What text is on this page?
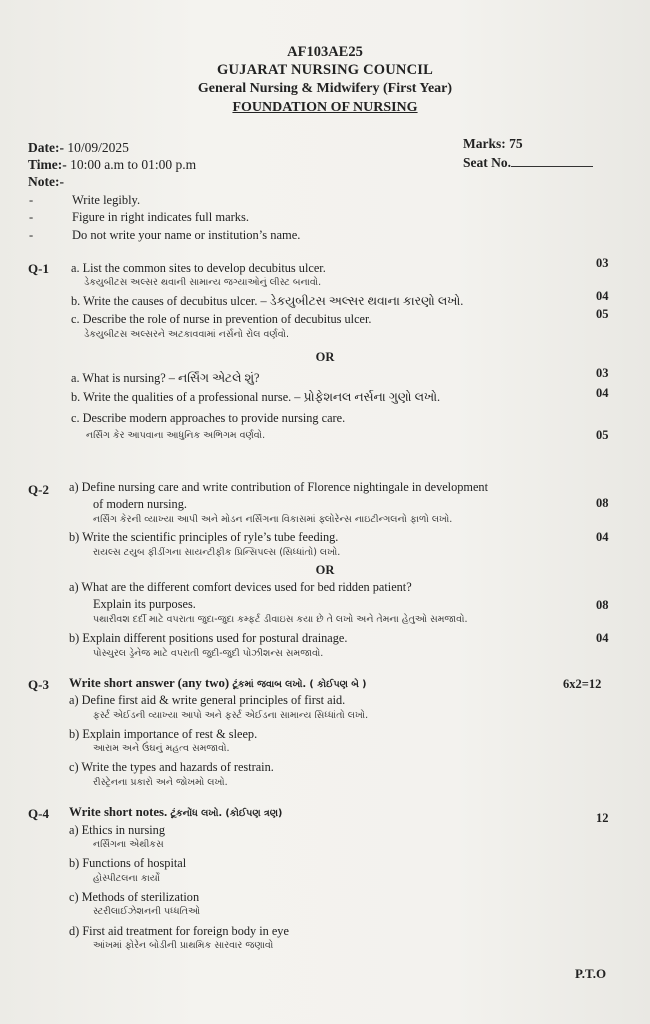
AF103AE25
GUJARAT NURSING COUNCIL
General Nursing & Midwifery (First Year)
FOUNDATION OF NURSING
Date:- 10/09/2025	Marks: 75
Time:- 10:00 a.m to 01:00 p.m	Seat No.
Note:-
-	Write legibly.
-	Figure in right indicates full marks.
-	Do not write your name or institution’s name.
Q-1 a. List the common sites to develop decubitus ulcer.
ડેકયુબીટસ અલ્સર થવાની સામાન્ય જગ્યાઓનું લીસ્ટ બનાવો.
03
b. Write the causes of decubitus ulcer. – ડેકયુબીટસ અલ્સર થવાના કારણો લખો.	04
c. Describe the role of nurse in prevention of decubitus ulcer.
ડેકયુબીટસ અલ્સરને અટકાવવામાં નર્સનો રોલ વર્ણવો.
05
OR
a. What is nursing? – નર્સિંગ એટલે શું?	03
b. Write the qualities of a professional nurse. – પ્રોફેશનલ નર્સના ગુણો લખો.	04
c. Describe modern approaches to provide nursing care.
નર્સિંગ કેર આપવાના આધુનિક અભિગમ વર્ણવો.	05
Q-2 a) Define nursing care and write contribution of Florence nightingale in development
of modern nursing.
નર્સિંગ કેરની વ્યાખ્યા આપી અને મોડન નર્સિંગના વિકાસમાં ફ્લોરેન્સ નાઇટીન્ગલનો ફાળો લખો.
08
b) Write the scientific principles of ryle’s tube feeding.
રાયલ્સ ટયુબ ફીડીંગના સાયન્ટીફીક પ્રિન્સિપલ્સ (સિધ્ધાંતો) લખો.
04
OR
a) What are the different comfort devices used for bed ridden patient?
Explain its purposes.
પથારીવશ દર્દી માટે વપરાતા જુદા-જુદા કમ્ફર્ટ ડીવાઇસ કયા છે તે લખો અને તેમના હેતુઓ સમજાવો.
08
b) Explain different positions used for postural drainage.
પોસ્ચુરલ ડ્રેનેજ માટે વપરાતી જુદી-જુદી પોઝીશન્સ સમજાવો.
04
Q-3 Write short answer (any two) ટૂંકમાં જવાબ લખો. ( કોઈપણ બે )	6x2=12
a) Define first aid & write general principles of first aid.
ફર્સ્ટ એઈડની વ્યાખ્યા આપો અને ફર્સ્ટ એઈડના સામાન્ય સિધ્ધાંતો લખો.
b) Explain importance of rest & sleep.
આરામ અને ઉંઘનું મહત્વ સમજાવો.
c) Write the types and hazards of restrain.
રીસ્ટ્રેનના પ્રકારો અને જોખમો લખો.
Q-4 Write short notes. ટૂંકનોંધ લખો. (કોઈપણ ત્રણ)	12
a) Ethics in nursing
નર્સિંગના એથીકસ
b) Functions of hospital
હોસ્પીટલના કાર્યો
c) Methods of sterilization
સ્ટરીલાઈઝેશનની પધ્ધતિઓ
d) First aid treatment for foreign body in eye
આંખમાં ફોરેન બોડીની પ્રાથમિક સારવાર જણાવો
P.T.O
